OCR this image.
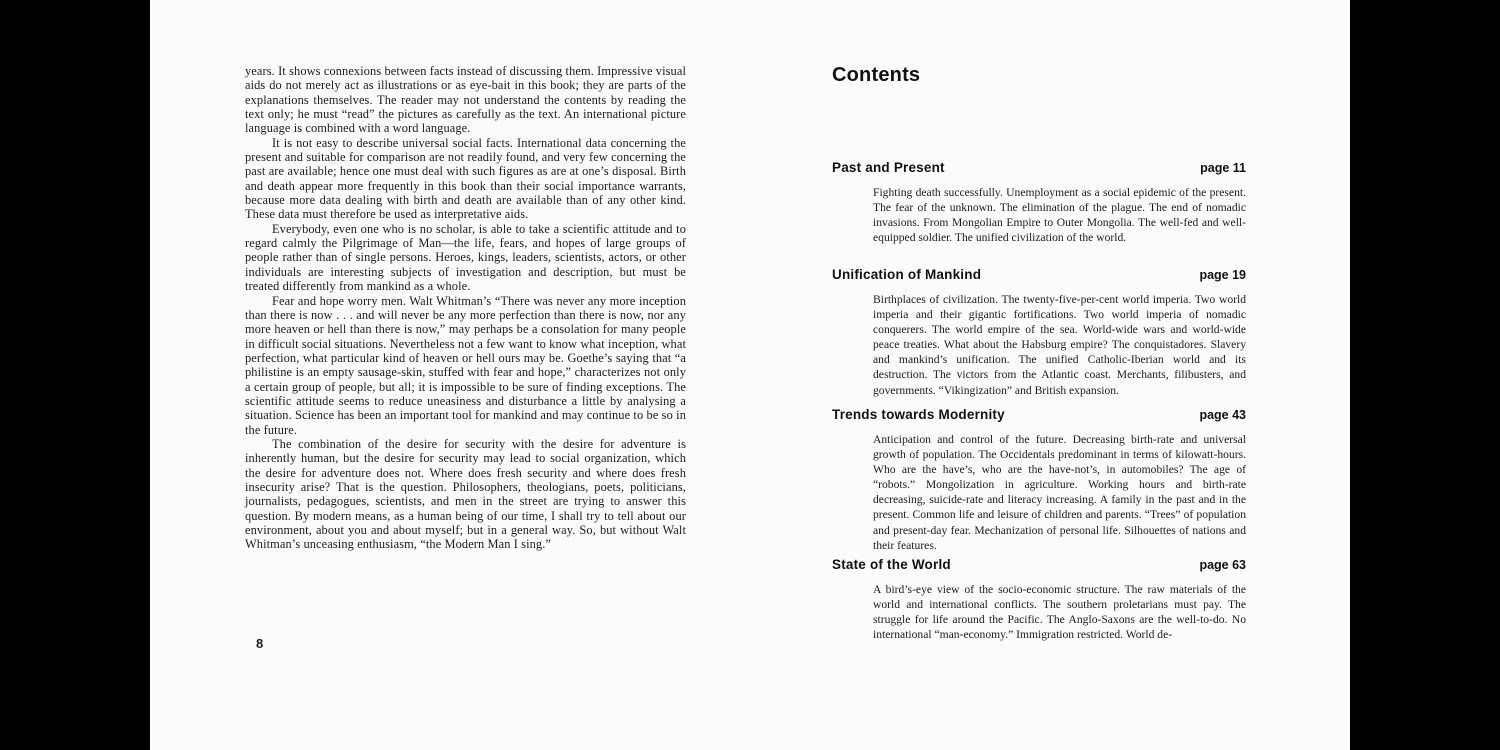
years. It shows connexions between facts instead of discussing them. Impressive visual aids do not merely act as illustrations or as eye-bait in this book; they are parts of the explanations themselves. The reader may not understand the contents by reading the text only; he must “read” the pictures as carefully as the text. An international picture language is combined with a word language.

It is not easy to describe universal social facts. International data concerning the present and suitable for comparison are not readily found, and very few concerning the past are available; hence one must deal with such figures as are at one’s disposal. Birth and death appear more frequently in this book than their social importance warrants, because more data dealing with birth and death are available than of any other kind. These data must therefore be used as interpretative aids.

Everybody, even one who is no scholar, is able to take a scientific attitude and to regard calmly the Pilgrimage of Man—the life, fears, and hopes of large groups of people rather than of single persons. Heroes, kings, leaders, scientists, actors, or other individuals are interesting subjects of investigation and description, but must be treated differently from mankind as a whole.

Fear and hope worry men. Walt Whitman’s “There was never any more inception than there is now . . . and will never be any more perfection than there is now, nor any more heaven or hell than there is now,” may perhaps be a consolation for many people in difficult social situations. Nevertheless not a few want to know what inception, what perfection, what particular kind of heaven or hell ours may be. Goethe’s saying that “a philistine is an empty sausage-skin, stuffed with fear and hope,” characterizes not only a certain group of people, but all; it is impossible to be sure of finding exceptions. The scientific attitude seems to reduce uneasiness and disturbance a little by analysing a situation. Science has been an important tool for mankind and may continue to be so in the future.

The combination of the desire for security with the desire for adventure is inherently human, but the desire for security may lead to social organization, which the desire for adventure does not. Where does fresh security and where does fresh insecurity arise? That is the question. Philosophers, theologians, poets, politicians, journalists, pedagogues, scientists, and men in the street are trying to answer this question. By modern means, as a human being of our time, I shall try to tell about our environment, about you and about myself; but in a general way. So, but without Walt Whitman’s unceasing enthusiasm, “the Modern Man I sing.”

8
Contents
Past and Present	page 11
Fighting death successfully. Unemployment as a social epidemic of the present. The fear of the unknown. The elimination of the plague. The end of nomadic invasions. From Mongolian Empire to Outer Mongolia. The well-fed and well-equipped soldier. The unified civilization of the world.
Unification of Mankind	page 19
Birthplaces of civilization. The twenty-five-per-cent world imperia. Two world imperia and their gigantic fortifications. Two world imperia of nomadic conquerers. The world empire of the sea. World-wide wars and world-wide peace treaties. What about the Habsburg empire? The conquistadores. Slavery and mankind’s unification. The unified Catholic-Iberian world and its destruction. The victors from the Atlantic coast. Merchants, filibusters, and governments. “Vikingization” and British expansion.
Trends towards Modernity	page 43
Anticipation and control of the future. Decreasing birth-rate and universal growth of population. The Occidentals predominant in terms of kilowatt-hours. Who are the have’s, who are the have-not’s, in automobiles? The age of “robots.” Mongolization in agriculture. Working hours and birth-rate decreasing, suicide-rate and literacy increasing. A family in the past and in the present. Common life and leisure of children and parents. “Trees” of population and present-day fear. Mechanization of personal life. Silhouettes of nations and their features.
State of the World	page 63
A bird’s-eye view of the socio-economic structure. The raw materials of the world and international conflicts. The southern proletarians must pay. The struggle for life around the Pacific. The Anglo-Saxons are the well-to-do. No international “man-economy.” Immigration restricted. World de-
